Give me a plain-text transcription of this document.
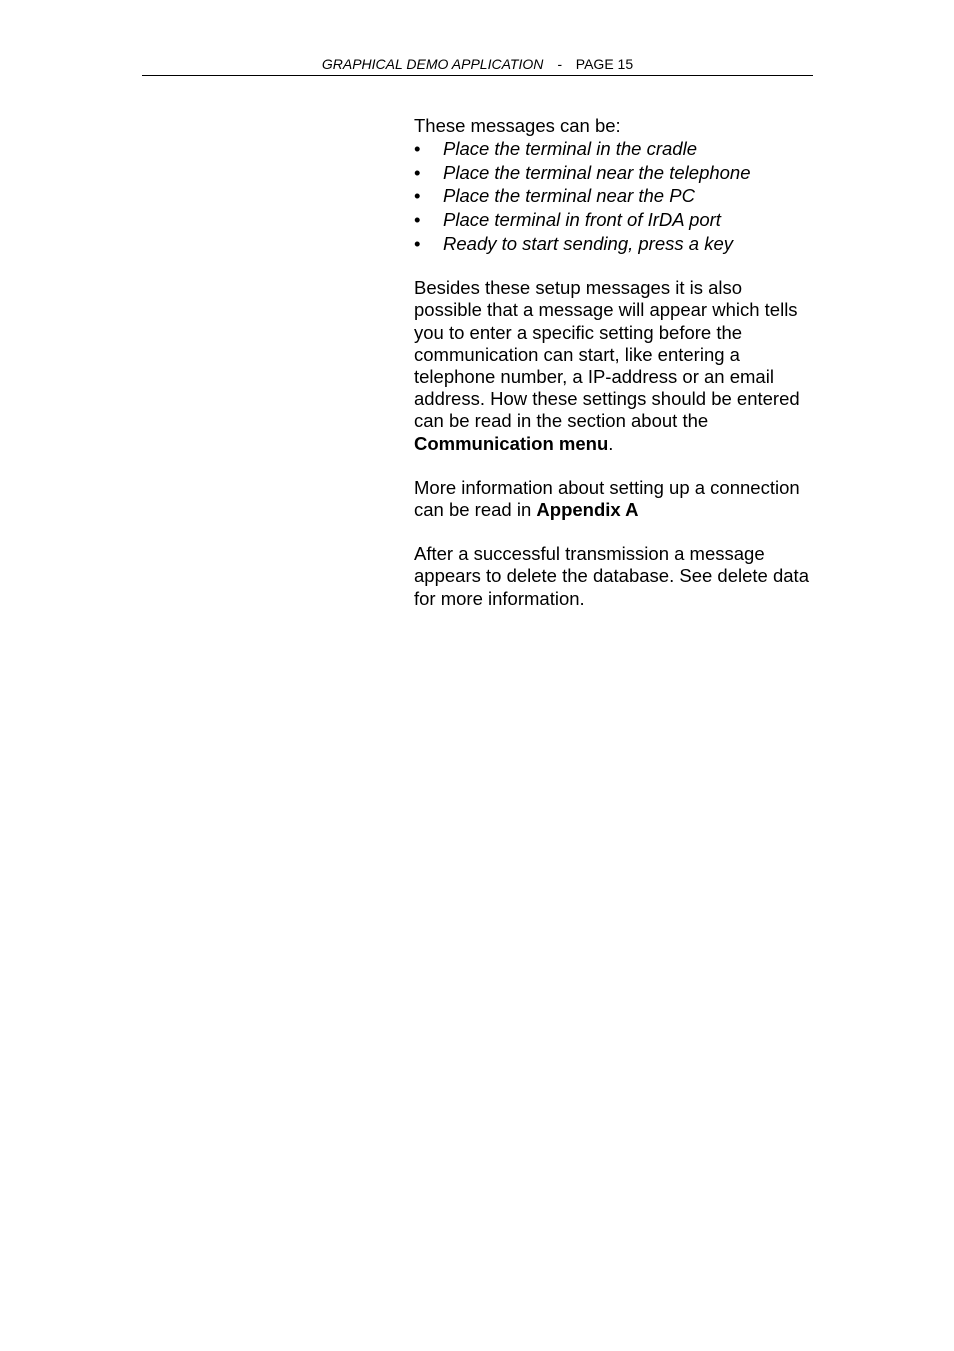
GRAPHICAL DEMO APPLICATION - PAGE 15

These messages can be:

• Place the terminal in the cradle
• Place the terminal near the telephone
• Place the terminal near the PC
• Place terminal in front of IrDA port
• Ready to start sending, press a key

Besides these setup messages it is also possible that a message will appear which tells you to enter a specific setting before the communication can start, like entering a telephone number, a IP-address or an email address. How these settings should be entered can be read in the section about the Communication menu.

More information about setting up a connection can be read in Appendix A

After a successful transmission a message appears to delete the database. See delete data for more information.
